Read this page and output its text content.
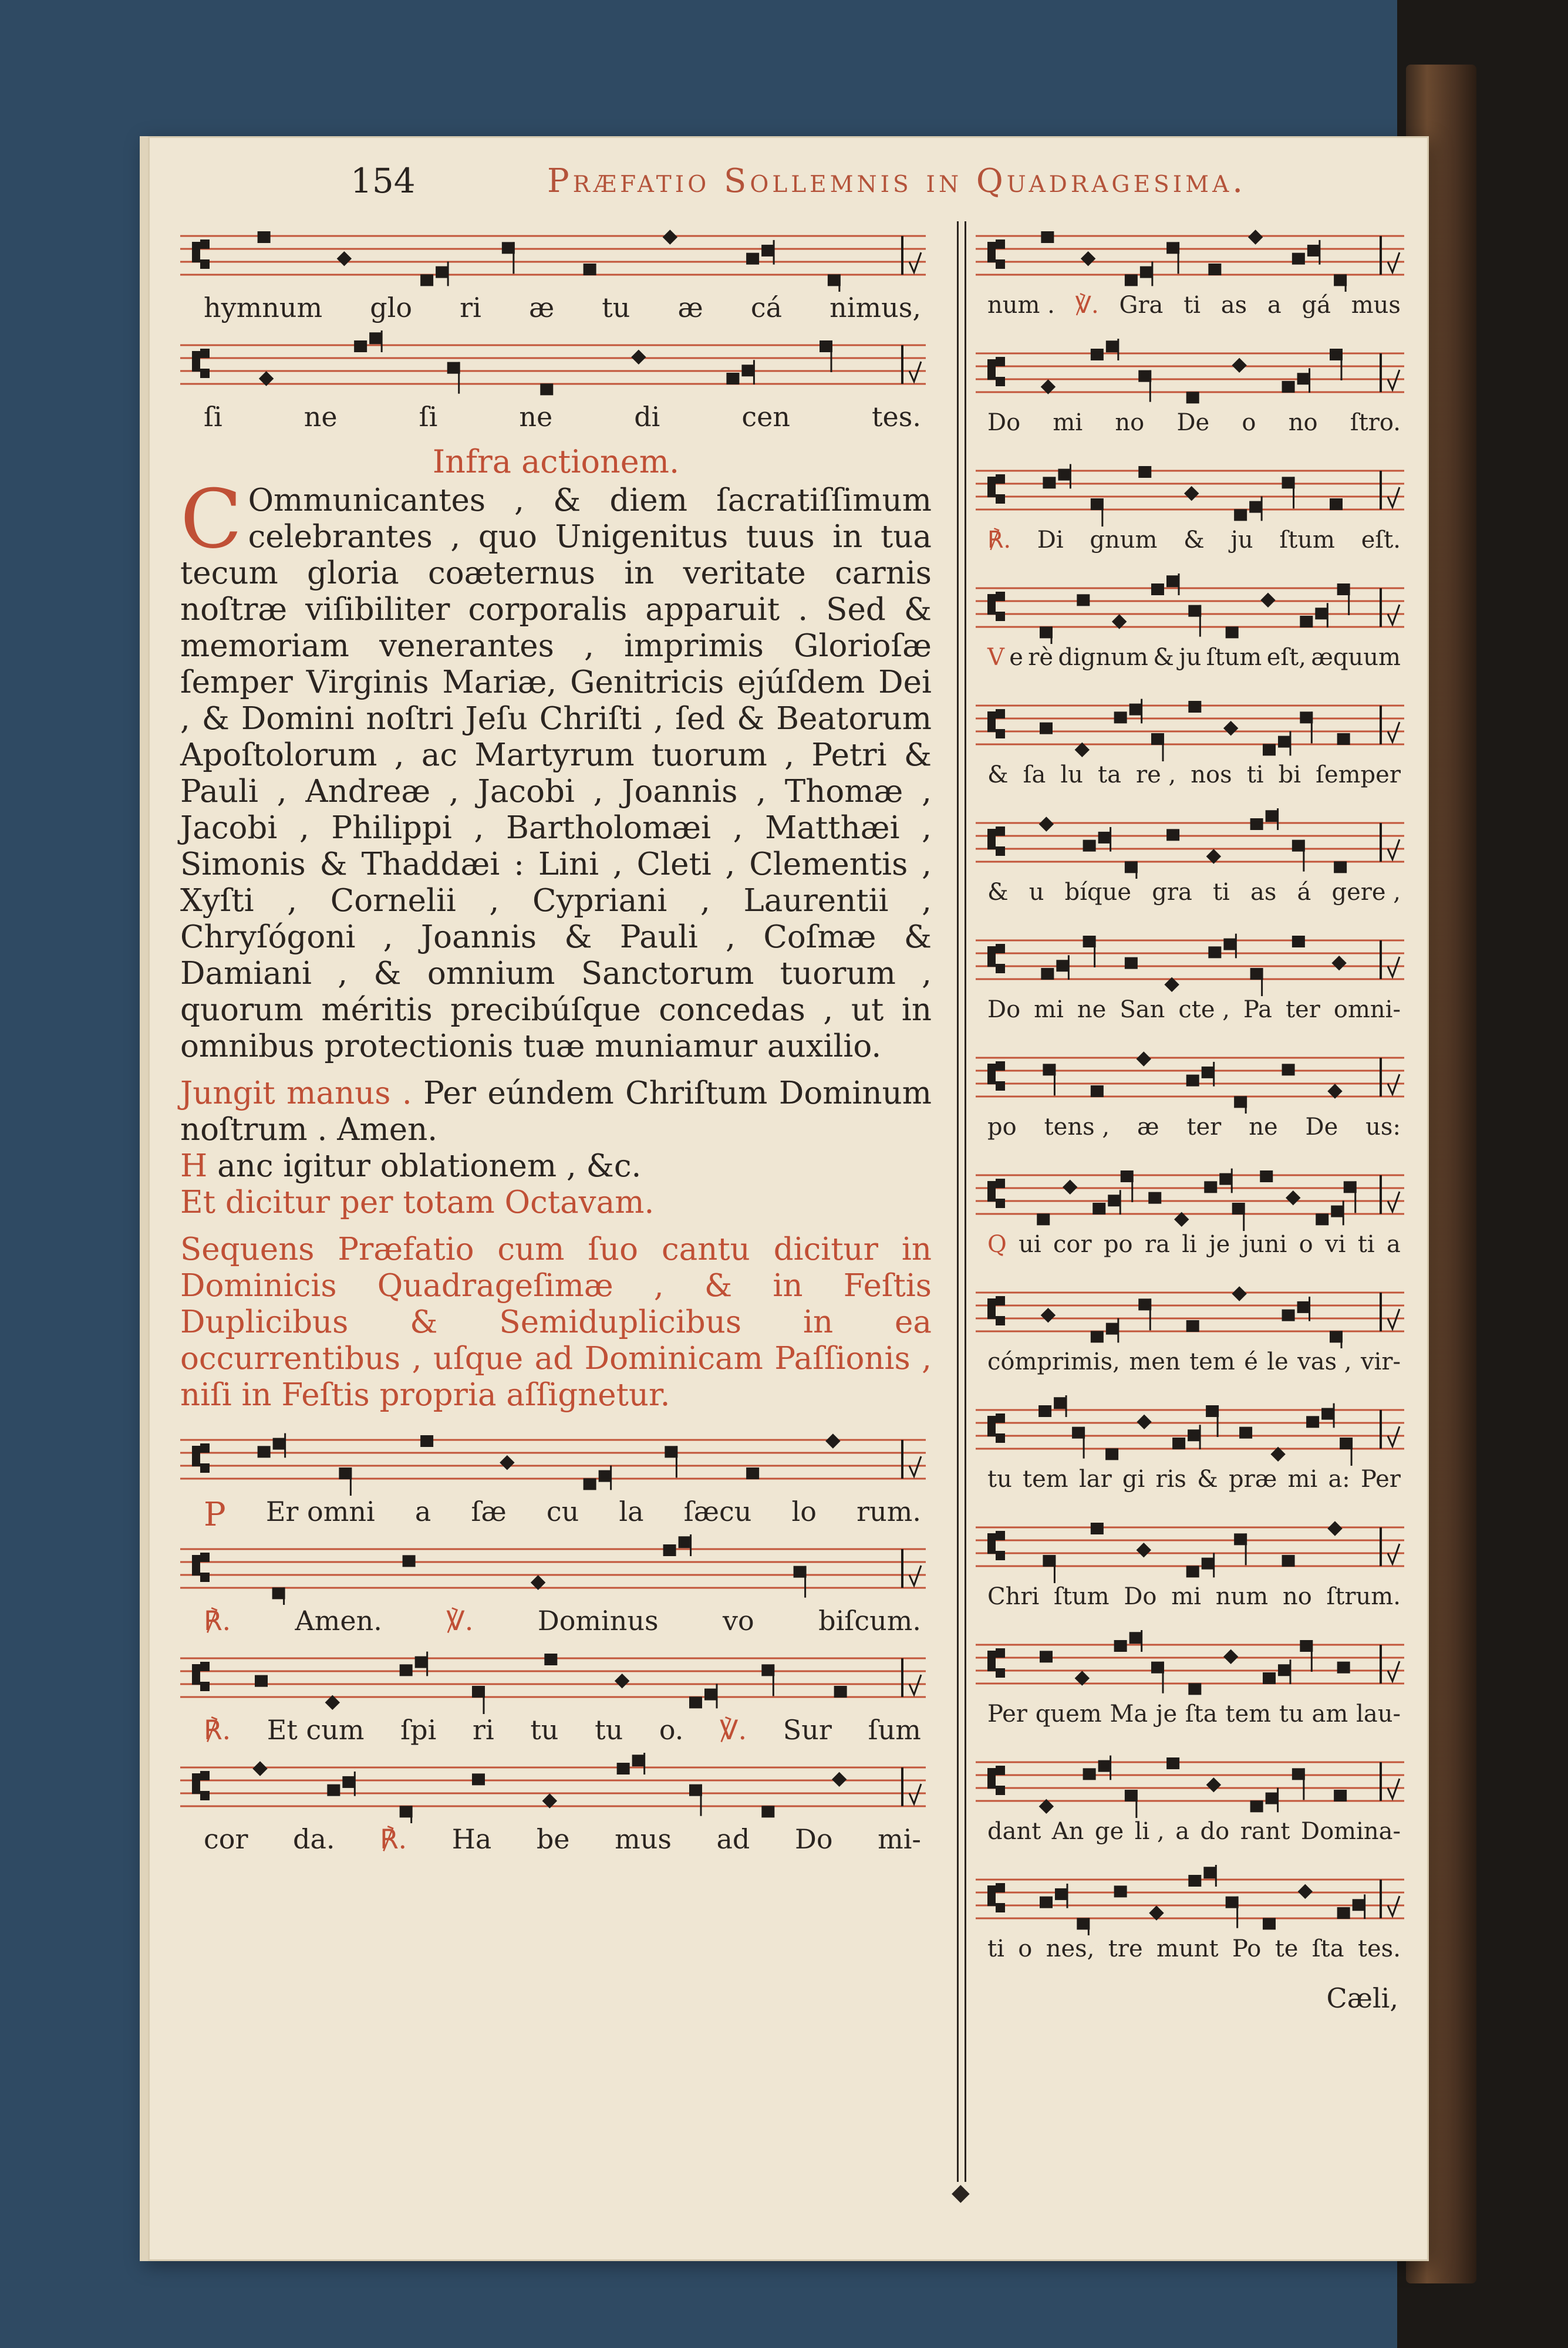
154	Præfatio Sollemnis in Quadragesima.
◆
hymnum glo ri æ tu æ cá nimus,
ſi	ne	ſi	ne	di	cen	tes.
Infra actionem.
C Ommunicantes , & diem ſacratiſſimum celebrantes , quo Unigenitus tuus in tua tecum gloria coæternus in veritate carnis noſtræ viſibiliter corporalis apparuit . Sed & memoriam venerantes , imprimis Glorioſæ ſemper Virginis Mariæ, Genitricis ejúſdem Dei , & Domini noſtri Jeſu Chriſti , ſed & Beatorum Apoſtolorum , ac Martyrum tuorum , Petri & Pauli , Andreæ , Jacobi , Joannis , Thomæ , Jacobi , Philippi , Bartholomæi , Matthæi , Simonis & Thaddæi : Lini , Cleti , Clementis , Xyſti , Cornelii , Cypriani , Laurentii , Chryſógoni , Joannis & Pauli , Coſmæ & Damiani , & omnium Sanctorum tuorum , quorum méritis precibúſque concedas , ut in omnibus protectionis tuæ muniamur auxilio.
Jungit manus . Per eúndem Chriſtum Dominum noſtrum . Amen.
H anc igitur oblationem , &c.
Et dicitur per totam Octavam.
Sequens Præfatio cum ſuo cantu dicitur in Dominicis Quadrageſimæ , & in Feſtis Duplicibus & Semiduplicibus in ea occurrentibus , uſque ad Dominicam Paſſionis , niſi in Feſtis propria aſſignetur.
P Er omni a ſæ cu la ſæcu lo rum.
℟. Amen. ℣. Dominus vo biſcum.
℟. Et cum ſpi ri tu tu o. ℣. Sur ſum
cor da. ℟. Ha be mus ad Do mi-
num . ℣. Gra ti as a gá mus
Do mi no De o no ſtro.
℟. Di gnum & ju ſtum eſt.
V e rè dignum & ju ſtum eſt, æquum
& ſa lu ta re , nos ti bi ſemper
& u bíque gra ti as á gere ,
Do mi ne San cte , Pa ter omni-
po tens , æ ter ne De us:
Q ui cor po ra li je juni o vi ti a
cómprimis, men tem é le vas , vir-
tu tem lar gi ris & præ mi a: Per
Chri ſtum Do mi num no ſtrum.
Per quem Ma je ſta tem tu am lau-
dant An ge li , a do rant Domina-
ti o nes, tre munt Po te ſta tes.
Cæli,
